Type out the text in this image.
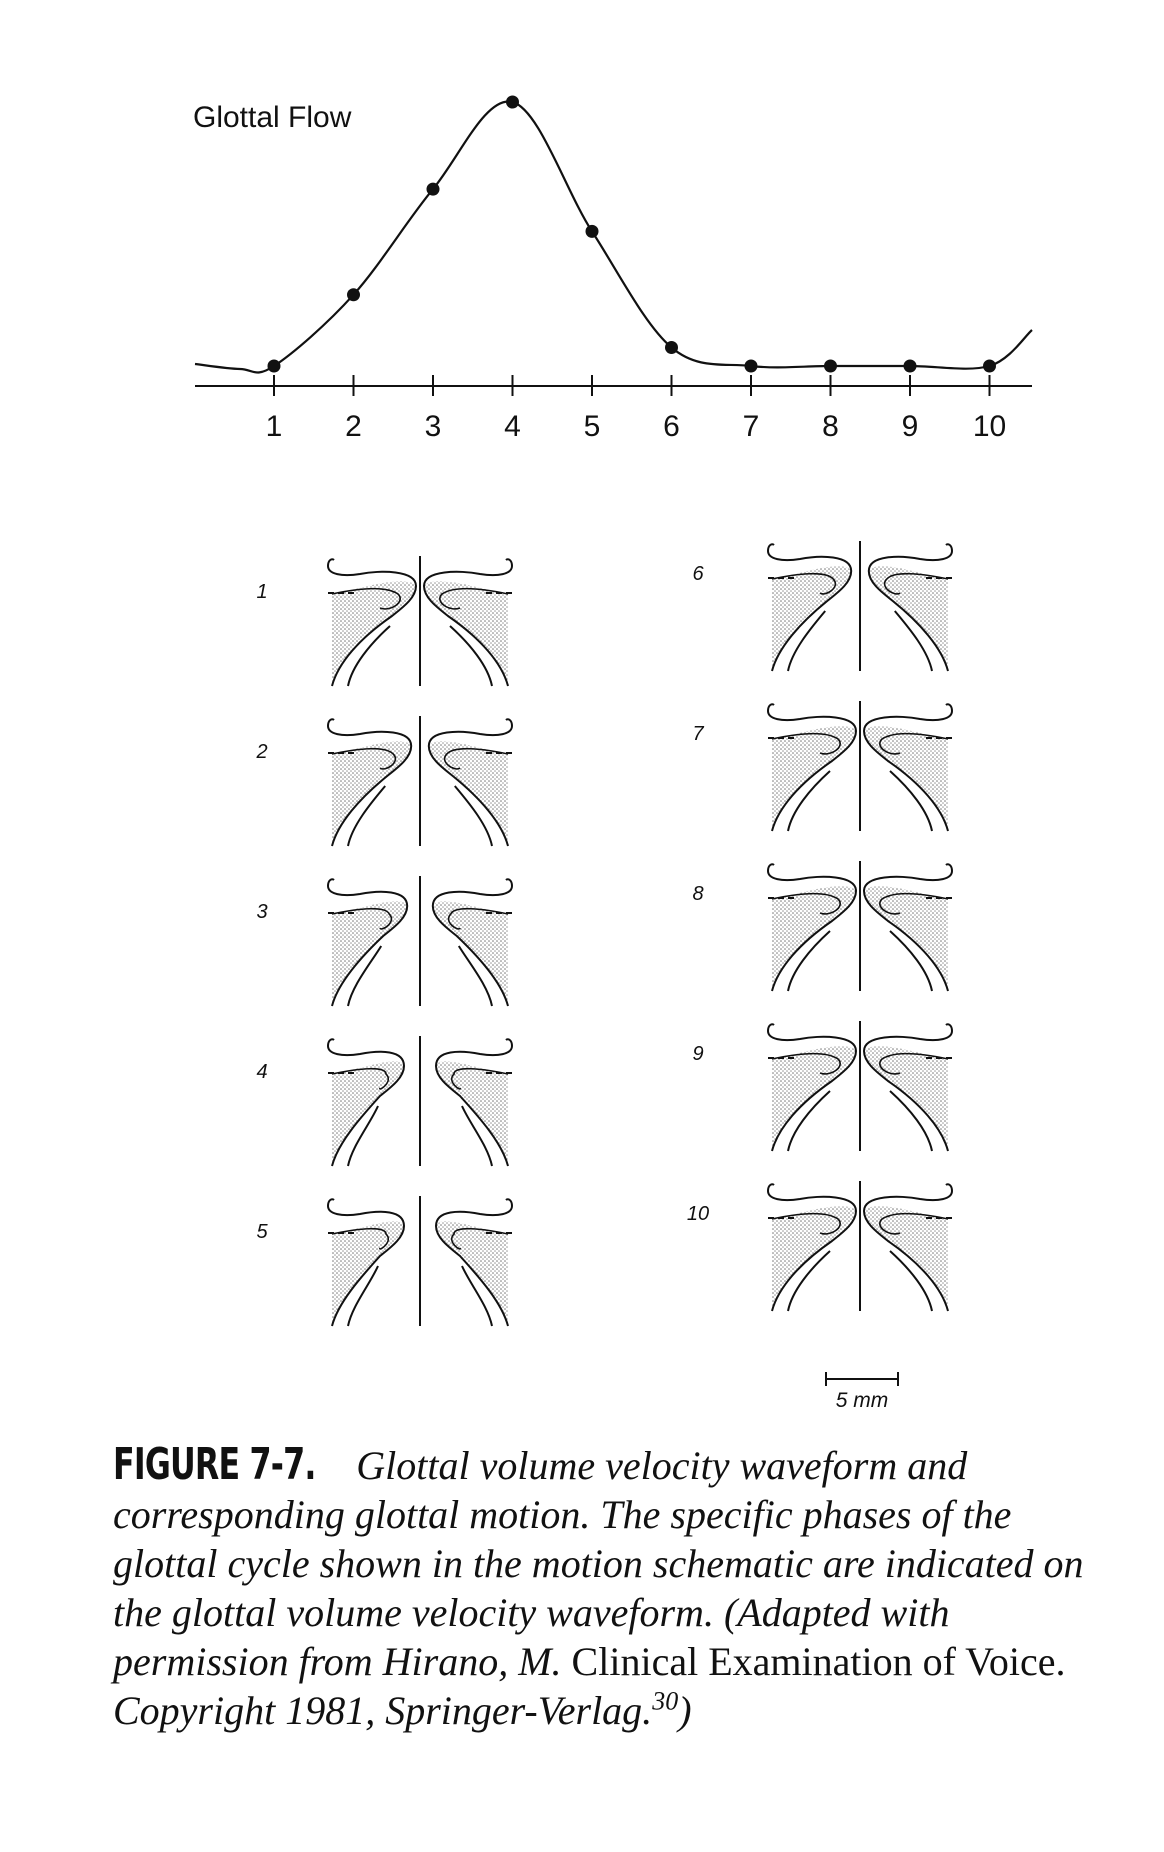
Glottal Flow
1 2 3 4 5 6 7 8 9 10
1
6
2
7
3
8
4
9
5
10
5 mm
FIGURE 7-7. Glottal volume velocity waveform and corresponding glottal motion. The specific phases of the glottal cycle shown in the motion schematic are indicated on the glottal volume velocity waveform. (Adapted with permission from Hirano, M. Clinical Examination of Voice. Copyright 1981, Springer-Verlag.$^{30}$)
